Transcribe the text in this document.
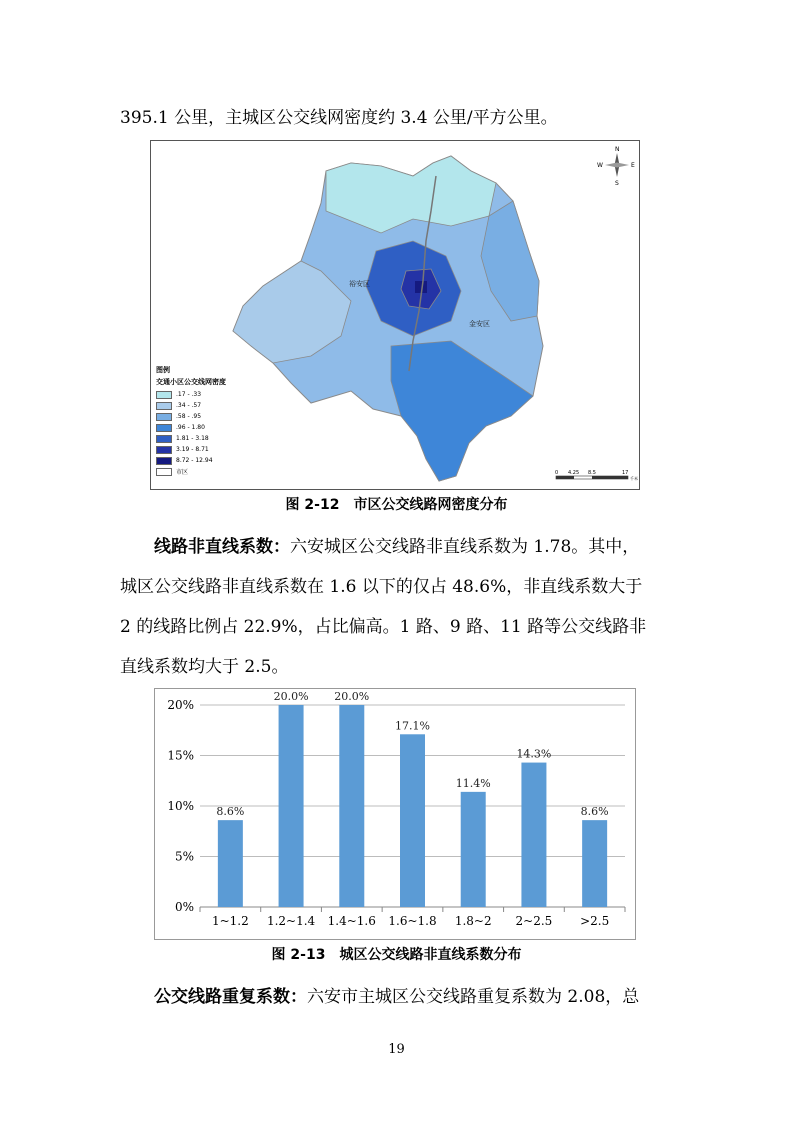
395.1 公里，主城区公交线网密度约 3.4 公里/平方公里。

裕安区
金安区
N
S
E
W
0 4.25 8.5	17
千米
图例
交通小区公交线网密度
.17 - .33
.34 - .57
.58 - .95
.96 - 1.80
1.81 - 3.18
3.19 - 8.71
8.72 - 12.94
市区
图 2-12　市区公交线路网密度分布

线路非直线系数：六安城区公交线路非直线系数为 1.78。其中，

城区公交线路非直线系数在 1.6 以下的仅占 48.6%，非直线系数大于

2 的线路比例占 22.9%，占比偏高。1 路、9 路、11 路等公交线路非

直线系数均大于 2.5。

0%
5%
10%
15%
20%
8.6%
1~1.2
20.0%
1.2~1.4
20.0%
1.4~1.6
17.1%
1.6~1.8
11.4%
1.8~2
14.3%
2~2.5
8.6%
>2.5
图 2-13　城区公交线路非直线系数分布

公交线路重复系数：六安市主城区公交线路重复系数为 2.08，总

19
